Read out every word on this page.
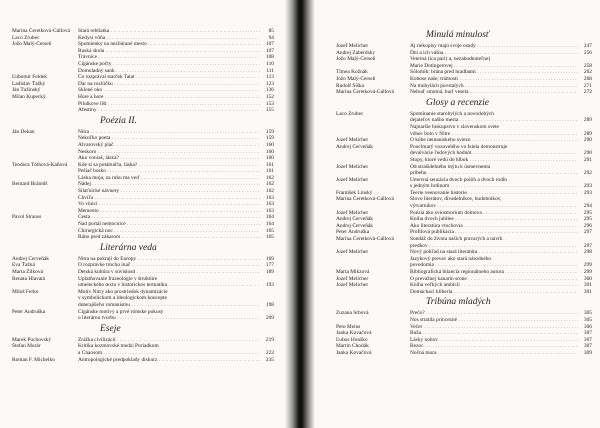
Marína Čeretková-Gállová	Stará rebliatka . . .	85
Laco Zrubec	Kedysi vôňa . . .	94
Jožo Malý-Čerseň	Spomienky na nezbúrané mesto . . .	107
Ruská skola . . .	107
Trávnice . . .	108
Cigánske počty . . .	110
Domoladný sank . . .	111
Ľubomír Feldek	Čo rozprával starček Tatar . . .	113
Ladislav Ťažký	Dar na rozlúčku . . .	123
Ján Tužinský	Sklené oko . . .	136
Milan Kupecký	Hore a hore . . .	152
Pilulkove líšt . . .	153
Afestiny . . .	155
Poézia II.
Ján Dekan	Nitra . . .	159
Nekoľko poeta . . .	159
Alvarovský plač . . .	160
Neskoro . . .	160
Ako voniaš, láska? . . .	160
Teodora Tóthová-Kaňová	Kde si sa potabuďla, láska? . . .	161
Pešiač bosko . . .	161
Láska moja, za ruku ma veď . . .	162
Bernard Bránidš	Nádej . . .	162
Šilaťnické návnery . . .	162
Chvíľa . . .	163
Vo vínici . . .	163
Memento . . .	163
Pavol Strauss	Cesta . . .	164
Nad portál nemocnice . . .	164
Chirurgická noc . . .	165
Ráno pred zákarom . . .	165
Literárna veda
Andrej Červeňák	Nitra na pokraji do Europy . . .	169
Eva Ťažná	O rozprávke trochu inač . . .	177
Marta Žilková	Detská kultúra v súvislosti . . .	189
Renata Hlavatá	Uplatňovanie frazeológie v štruktúre
umeleckého textu v historickos termatiku . . .	193
Miloš Ferko	Motív Nitry ako prostriedok dynamizácie
v symbolickom a ideologickom koncepte
doterajšieho romanismu . . .	198
Peter Andruška	Cigánske motívy a prvé rómske pokusy
o literárnu tvorbu . . .	209
Eseje
Marek Puchovský	Zrážka civilizácií . . .	219
Štefan Murár	Kritika kozmovské medzi Poriadkom
a Chaosom . . .	223
Roman F. Michelko	Antropologické predpoklady diskurz . . .	235
Minulá minulosť
Jozef Melicher	Aj riekopisy majú svoje osudy . . .	247
Andrej Zaberdsky	Dni a ich vášna . . .	256
Jožo Malý-Čerseň	Veterná (ica pari) a, nezabudnuteľne)
Marie Dotingerovej . . .	258
Tímea Kožnák	Sólomík: brána pred hradbami . . .	262
Jožo Malý-Čerseň	Kohose naše; trámosti . . .	268
Rudolf Šíška	Na mohylách povstalých . . .	271
Marína Čeretková-Gállová	Nebuď smutná, buď vesela . . .	272
Glosy a recenzie
Laco Zrubec	Spomínanie starobylých a novodobých
dejateľov našho mesta . . .	289
Najnaršie biskupstvo v slovenskom svete
vôbec bolo v Nitre . . .	289
Jozef Melicher	O kúbe neutaniskeho sviezu . . .	290
Andrej Červeňák	Pooclmarý vozovelého vo Isiela demonstruje
devalvácie ľudových hodnôt . . .	290
Stopy, ktoré vedú do hlbok . . .	291
Jozef Melicher	Od strašidelného mýtu k úsmevnemu
príbehu . . .	292
Jozef Melicher	Úmevná senzácia dvoch polôh a dvoch rodín
s jedným hrdinom . . .	293
František Linský	Teerie veenovanie historie . . .	293
Marína Čeretková-Gállová	Slovo literátov, divadelníkov, hudobníkov,
výtvarníkov . . .	294
Jozef Melicher	Poézia ako sviosmorium domova . . .	295
Andrej Červeňák	Kniha dvoch jubilee . . .	295
Andrej Červeňák	Ako literatúra vtochovia . . .	296
Peter Andruška	Profilová publikácia . . .	297
Marína Čeretková-Gállová	Sondáž do života našich pravarých a návrh
predkov . . .	297
Jozef Melicher	Nový pohľad na stará literatúra . . .	298
Jazykový prevav ako stará národného
povedomia . . .	299
Marta Mikzová	Bibliografická bilancia regionálneho autora . . .	299
Jozef Melicher	O prevažnej kanarín srone . . .	300
Jozef Melicher	Kniha veľkých ambícií . . .	301
Domáchaci kliberla . . .	301
Tribúna mladých
Zuzana Srbová	Prečo? . . .	305
Nos stratila princezné . . .	305
Peto Melus	Večer . . .	306
Janka Kovačová	Ruža . . .	307
Ľubos Honško	Lásky nohov . . .	307
Martin Chodák	Bezoc . . .	307
Janka Kovačová	Nočná mora . . .	309
